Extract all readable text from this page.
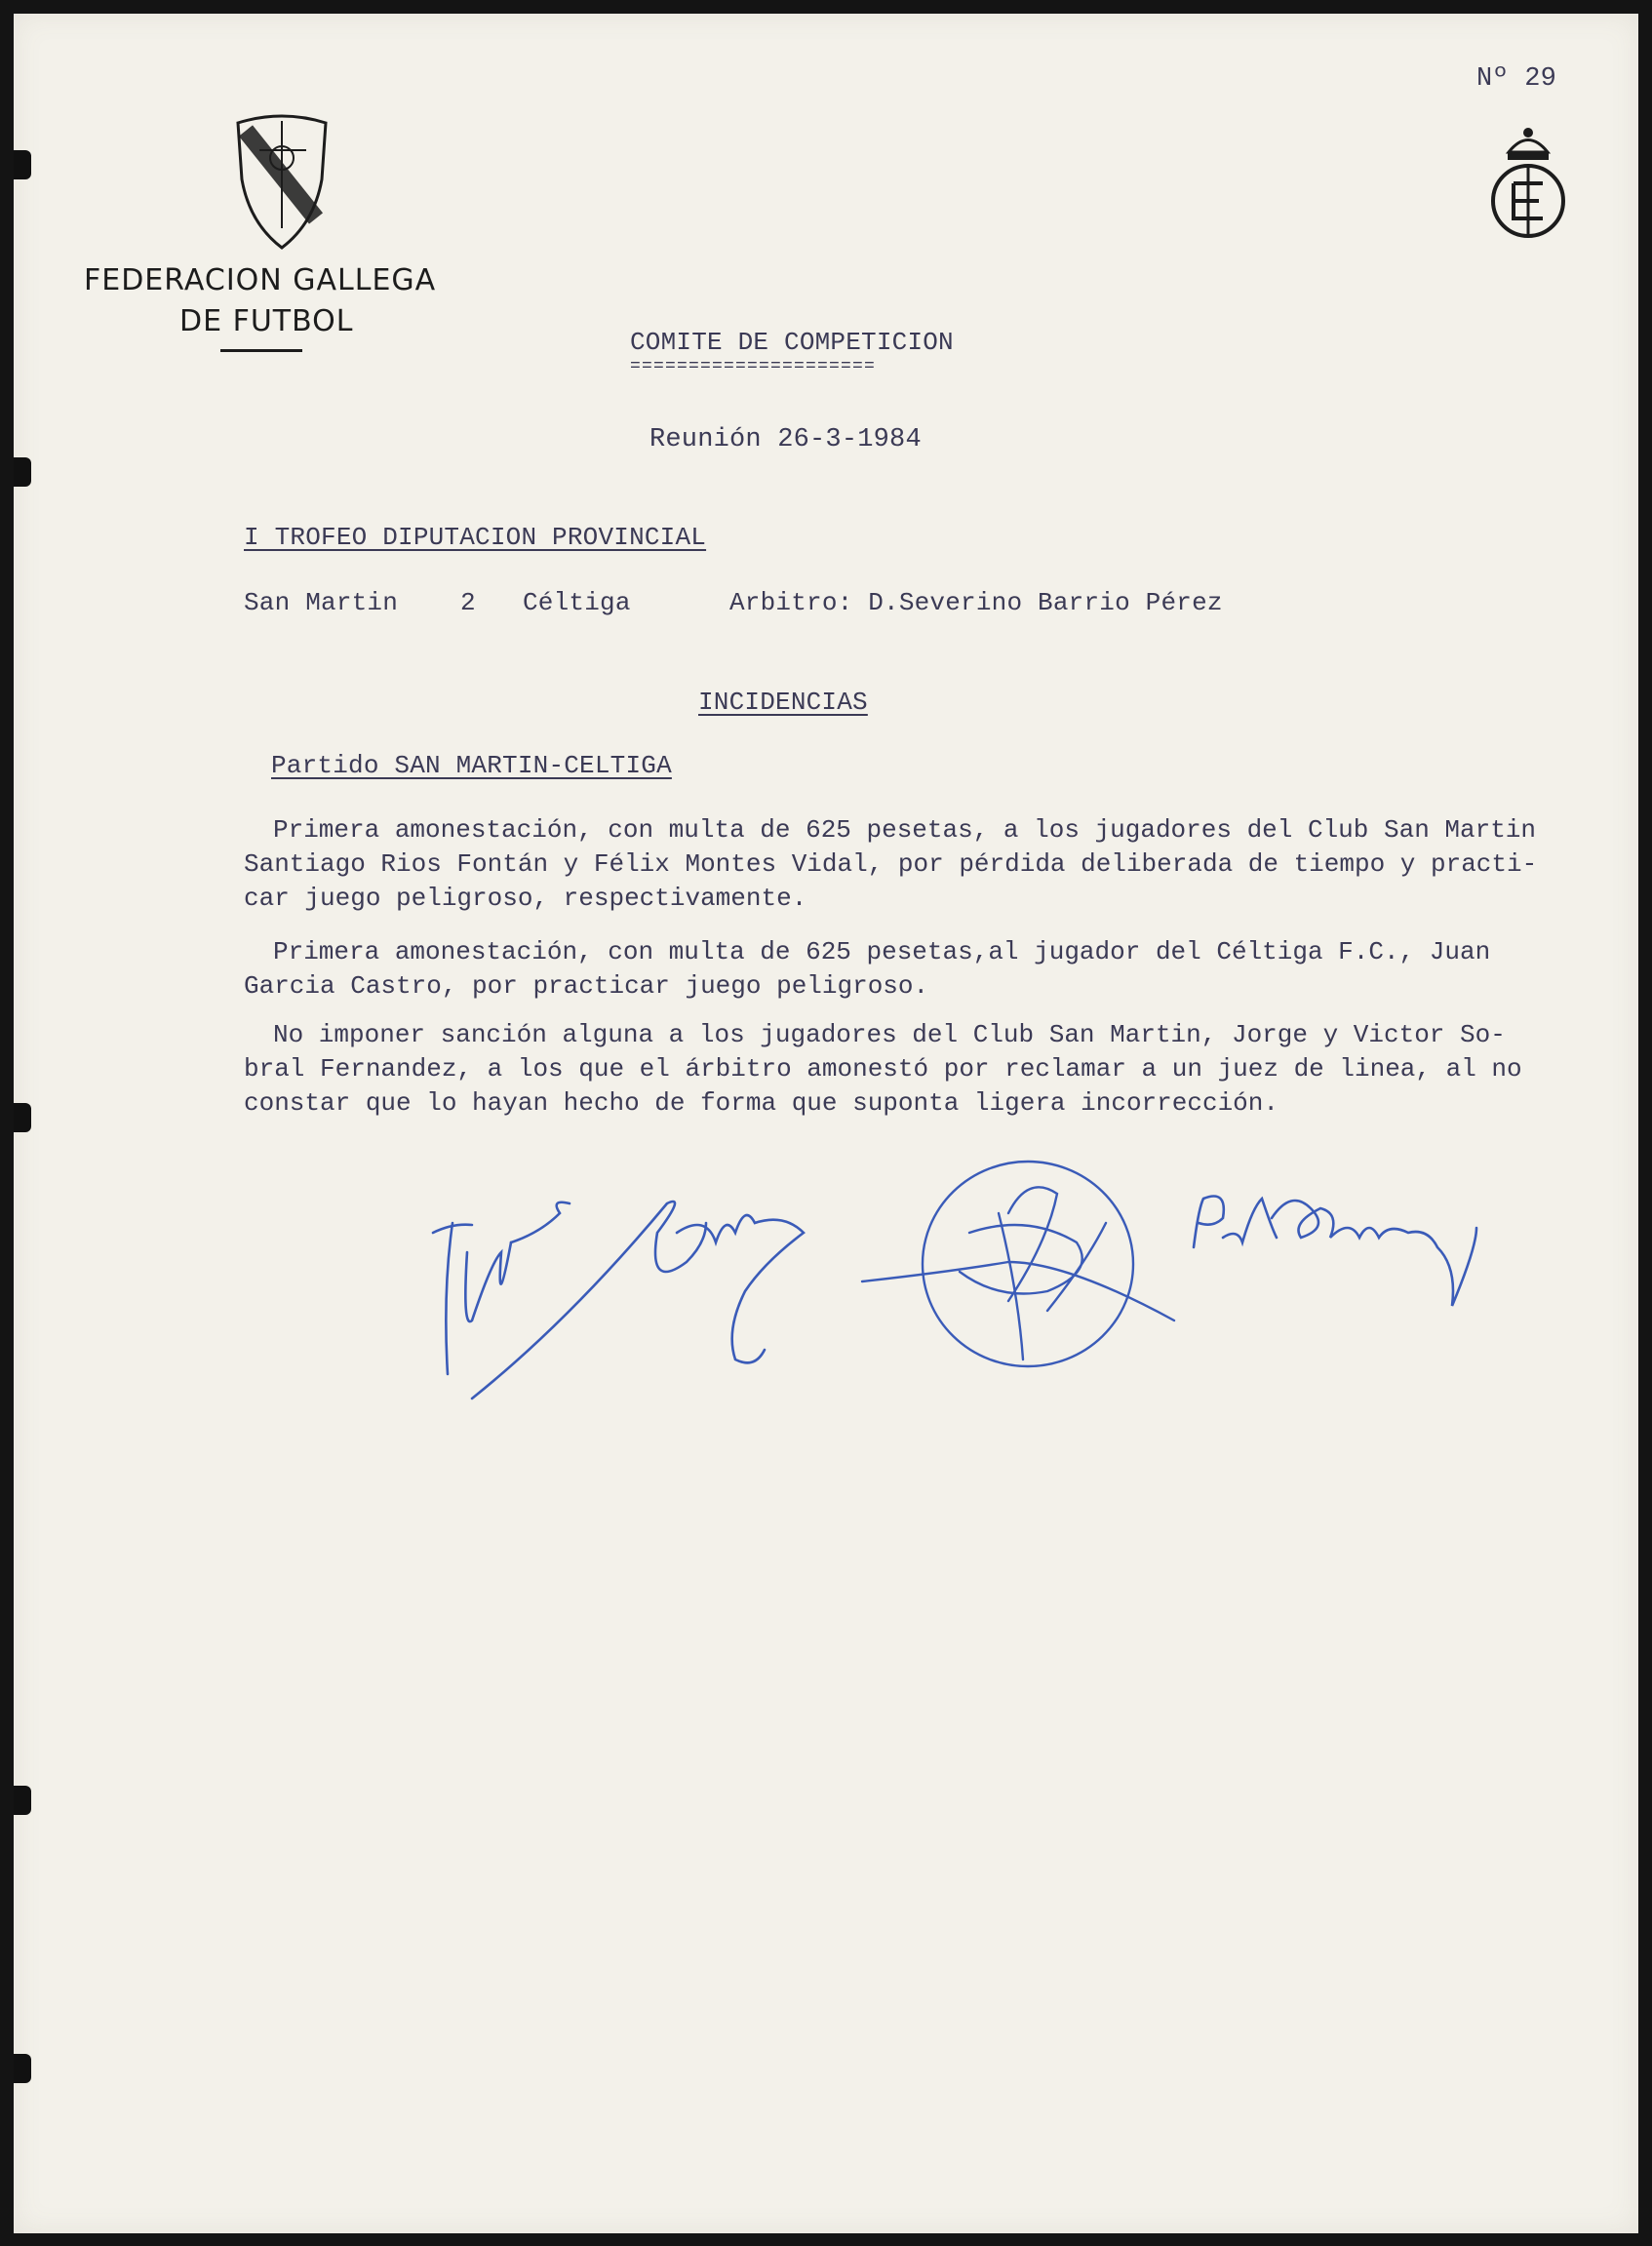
FEDERACION GALLEGA
DE FUTBOL
Nº 29
COMITE DE COMPETICION
=====================
Reunión 26-3-1984
I TROFEO DIPUTACION PROVINCIAL
San Martin 2 Céltiga	Arbitro: D.Severino Barrio Pérez
INCIDENCIAS
Partido SAN MARTIN-CELTIGA
Primera amonestación, con multa de 625 pesetas, a los jugadores del Club San Martin
Santiago Rios Fontán y Félix Montes Vidal, por pérdida deliberada de tiempo y practi-
car juego peligroso, respectivamente.
Primera amonestación, con multa de 625 pesetas,al jugador del Céltiga F.C., Juan
Garcia Castro, por practicar juego peligroso.
No imponer sanción alguna a los jugadores del Club San Martin, Jorge y Victor So-
bral Fernandez, a los que el árbitro amonestó por reclamar a un juez de linea, al no
constar que lo hayan hecho de forma que suponta ligera incorrección.
